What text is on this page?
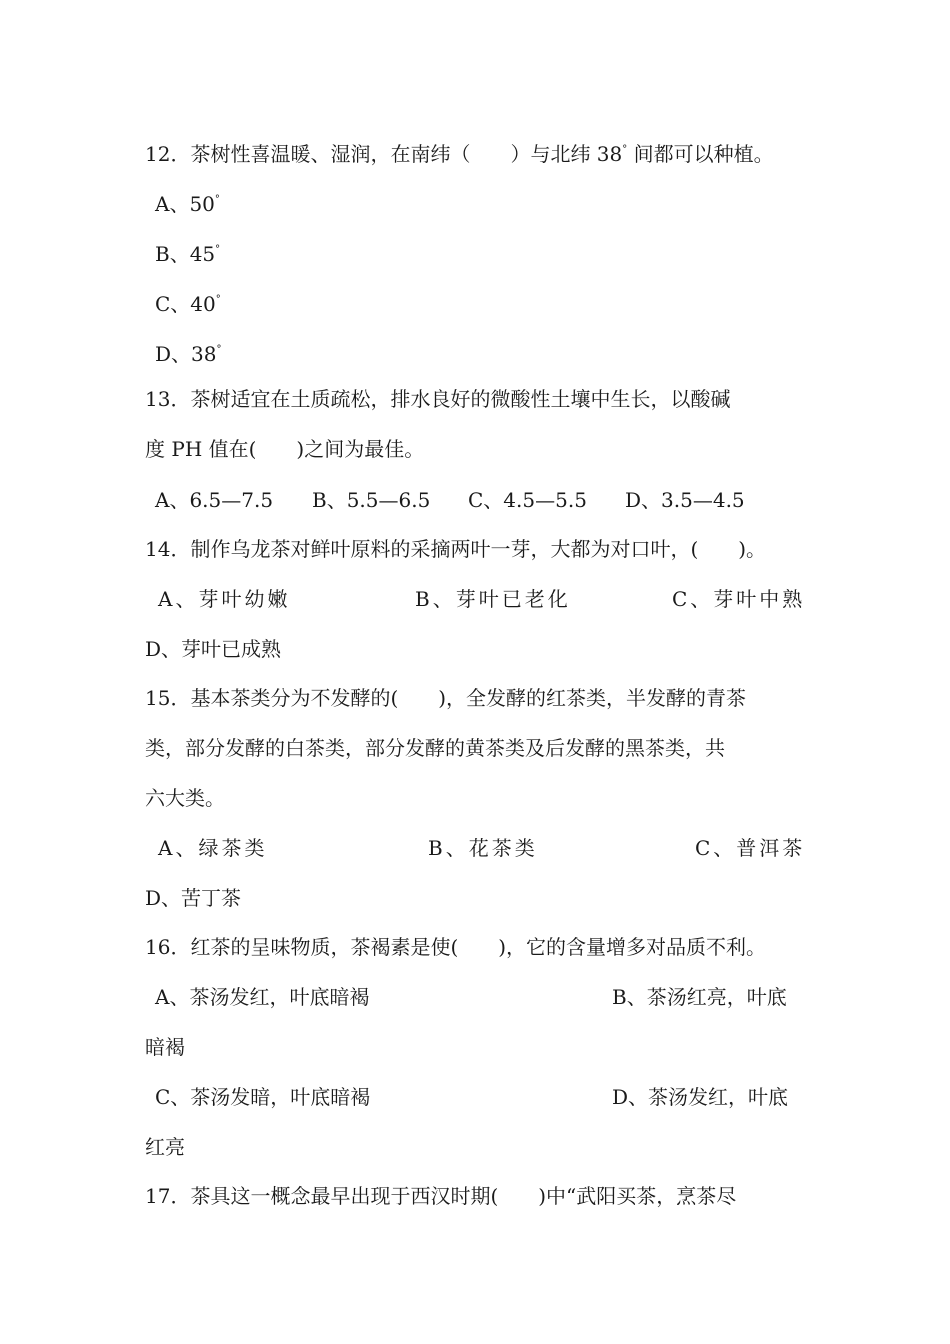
12．茶树性喜温暖、湿润，在南纬（　　）与北纬 38° 间都可以种植。
A、50°
B、45°
C、40°
D、38°
13．茶树适宜在土质疏松，排水良好的微酸性土壤中生长，以酸碱
度 PH 值在(　　)之间为最佳。
A、6.5—7.5 B、5.5—6.5 C、4.5—5.5 D、3.5—4.5
14．制作乌龙茶对鲜叶原料的采摘两叶一芽，大都为对口叶，(　　)。
A、芽叶幼嫩	B、芽叶已老化	C、芽叶中熟
D、芽叶已成熟
15．基本茶类分为不发酵的(　　)，全发酵的红茶类，半发酵的青茶
类，部分发酵的白茶类，部分发酵的黄茶类及后发酵的黑茶类，共
六大类。
A、绿茶类	B、花茶类	C、普洱茶
D、苦丁茶
16．红茶的呈味物质，茶褐素是使(　　)，它的含量增多对品质不利。
A、茶汤发红，叶底暗褐	B、茶汤红亮，叶底
暗褐
C、茶汤发暗，叶底暗褐	D、茶汤发红，叶底
红亮
17．茶具这一概念最早出现于西汉时期(　　)中“武阳买茶，烹茶尽
